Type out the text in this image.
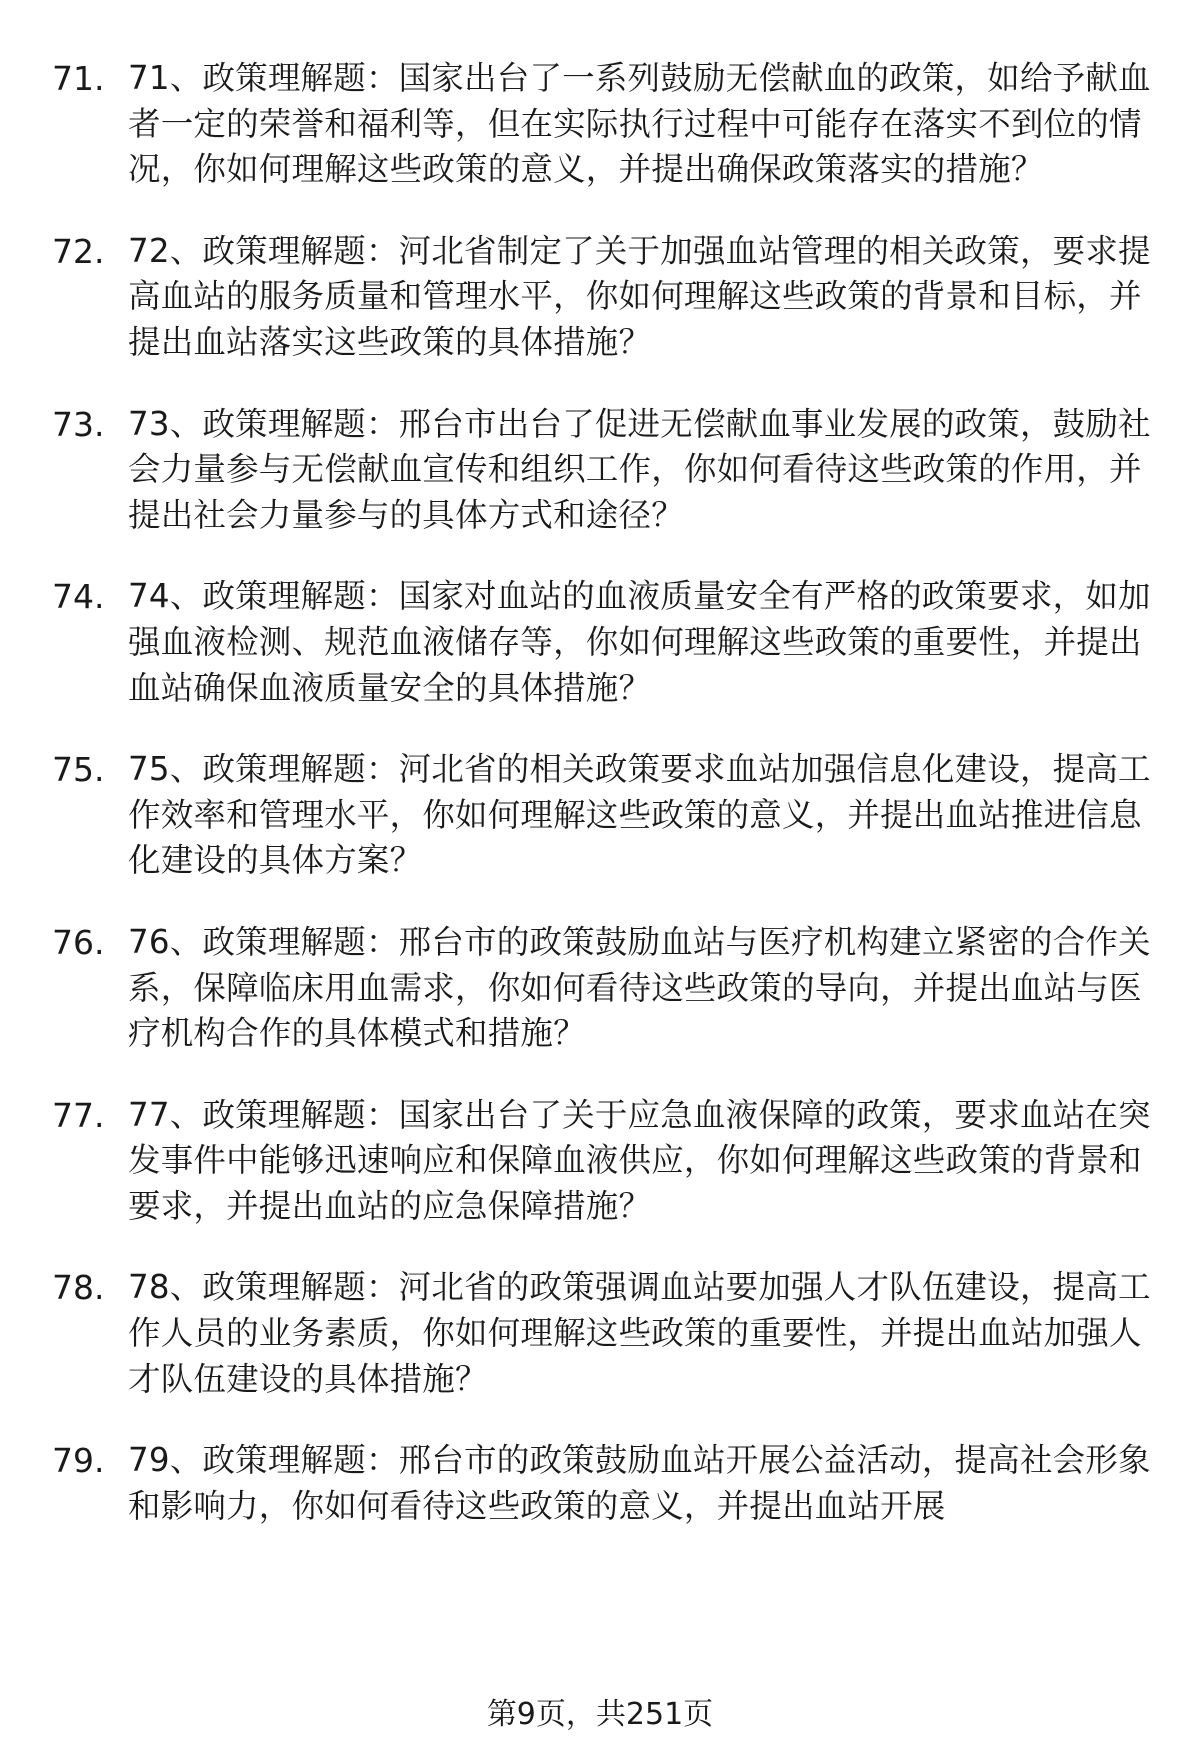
71. 71、政策理解题：国家出台了一系列鼓励无偿献血的政策，如给予献血者一定的荣誉和福利等，但在实际执行过程中可能存在落实不到位的情况，你如何理解这些政策的意义，并提出确保政策落实的措施？
72. 72、政策理解题：河北省制定了关于加强血站管理的相关政策，要求提高血站的服务质量和管理水平，你如何理解这些政策的背景和目标，并提出血站落实这些政策的具体措施？
73. 73、政策理解题：邢台市出台了促进无偿献血事业发展的政策，鼓励社会力量参与无偿献血宣传和组织工作，你如何看待这些政策的作用，并提出社会力量参与的具体方式和途径？
74. 74、政策理解题：国家对血站的血液质量安全有严格的政策要求，如加强血液检测、规范血液储存等，你如何理解这些政策的重要性，并提出血站确保血液质量安全的具体措施？
75. 75、政策理解题：河北省的相关政策要求血站加强信息化建设，提高工作效率和管理水平，你如何理解这些政策的意义，并提出血站推进信息化建设的具体方案？
76. 76、政策理解题：邢台市的政策鼓励血站与医疗机构建立紧密的合作关系，保障临床用血需求，你如何看待这些政策的导向，并提出血站与医疗机构合作的具体模式和措施？
77. 77、政策理解题：国家出台了关于应急血液保障的政策，要求血站在突发事件中能够迅速响应和保障血液供应，你如何理解这些政策的背景和要求，并提出血站的应急保障措施？
78. 78、政策理解题：河北省的政策强调血站要加强人才队伍建设，提高工作人员的业务素质，你如何理解这些政策的重要性，并提出血站加强人才队伍建设的具体措施？
79. 79、政策理解题：邢台市的政策鼓励血站开展公益活动，提高社会形象和影响力，你如何看待这些政策的意义，并提出血站开展
第9页，共251页
